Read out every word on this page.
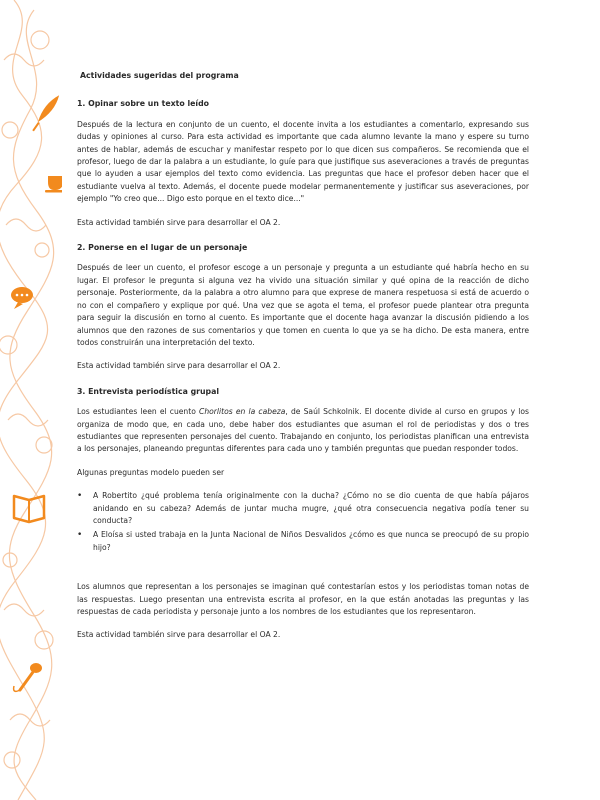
Actividades sugeridas del programa
1. Opinar sobre un texto leído

Después de la lectura en conjunto de un cuento, el docente invita a los estudiantes a comentarlo, expresando sus dudas y opiniones al curso. Para esta actividad es importante que cada alumno levante la mano y espere su turno antes de hablar, además de escuchar y manifestar respeto por lo que dicen sus compañeros. Se recomienda que el profesor, luego de dar la palabra a un estudiante, lo guíe para que justifique sus aseveraciones a través de preguntas que lo ayuden a usar ejemplos del texto como evidencia. Las preguntas que hace el profesor deben hacer que el estudiante vuelva al texto. Además, el docente puede modelar permanentemente y justificar sus aseveraciones, por ejemplo "Yo creo que... Digo esto porque en el texto dice..."

Esta actividad también sirve para desarrollar el OA 2.

2. Ponerse en el lugar de un personaje

Después de leer un cuento, el profesor escoge a un personaje y pregunta a un estudiante qué habría hecho en su lugar. El profesor le pregunta si alguna vez ha vivido una situación similar y qué opina de la reacción de dicho personaje. Posteriormente, da la palabra a otro alumno para que exprese de manera respetuosa si está de acuerdo o no con el compañero y explique por qué. Una vez que se agota el tema, el profesor puede plantear otra pregunta para seguir la discusión en torno al cuento. Es importante que el docente haga avanzar la discusión pidiendo a los alumnos que den razones de sus comentarios y que tomen en cuenta lo que ya se ha dicho. De esta manera, entre todos construirán una interpretación del texto.

Esta actividad también sirve para desarrollar el OA 2.

3. Entrevista periodística grupal

Los estudiantes leen el cuento Chorlitos en la cabeza, de Saúl Schkolnik. El docente divide al curso en grupos y los organiza de modo que, en cada uno, debe haber dos estudiantes que asuman el rol de periodistas y dos o tres estudiantes que representen personajes del cuento. Trabajando en conjunto, los periodistas planifican una entrevista a los personajes, planeando preguntas diferentes para cada uno y también preguntas que puedan responder todos.

Algunas preguntas modelo pueden ser

• A Robertito ¿qué problema tenía originalmente con la ducha? ¿Cómo no se dio cuenta de que había pájaros anidando en su cabeza? Además de juntar mucha mugre, ¿qué otra consecuencia negativa podía tener su conducta?
• A Eloísa si usted trabaja en la Junta Nacional de Niños Desvalidos ¿cómo es que nunca se preocupó de su propio hijo?

Los alumnos que representan a los personajes se imaginan qué contestarían estos y los periodistas toman notas de las respuestas. Luego presentan una entrevista escrita al profesor, en la que están anotadas las preguntas y las respuestas de cada periodista y personaje junto a los nombres de los estudiantes que los representaron.

Esta actividad también sirve para desarrollar el OA 2.
